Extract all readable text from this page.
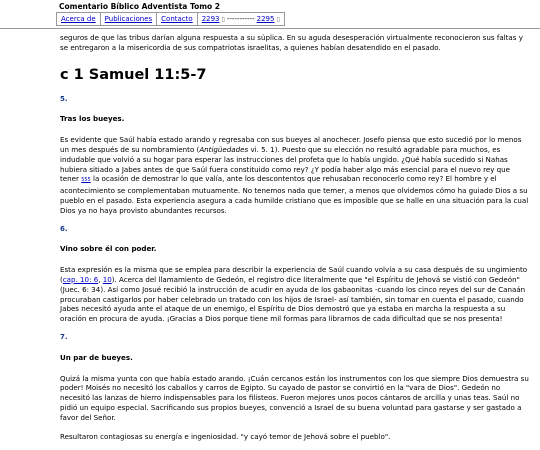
Comentario Bíblico Adventista Tomo 2
Acerca de	Publicaciones	Contacto	2293 ▯ ----------- 2295 ▯

seguros de que las tribus darían alguna respuesta a su súplica. En su aguda desesperación virtualmente reconocieron sus faltas y se entregaron a la misericordia de sus compatriotas israelitas, a quienes habían desatendido en el pasado.

c 1 Samuel 11:5-7
5.
Tras los bueyes.

Es evidente que Saúl había estado arando y regresaba con sus bueyes al anochecer. Josefo piensa que esto sucedió por lo menos un mes después de su nombramiento (Antigüedades vi. 5. 1). Puesto que su elección no resultó agradable para muchos, es indudable que volvió a su hogar para esperar las instrucciones del profeta que lo había ungido. ¿Qué había sucedido si Nahas hubiera sitiado a Jabes antes de que Saúl fuera constituido como rey? ¿Y podía haber algo más esencial para el nuevo rey que tener 555 la ocasión de demostrar lo que valía, ante los descontentos que rehusaban reconocerlo como rey? El hombre y el acontecimiento se complementaban mutuamente. No tenemos nada que temer, a menos que olvidemos cómo ha guiado Dios a su pueblo en el pasado. Esta experiencia asegura a cada humilde cristiano que es imposible que se halle en una situación para la cual Dios ya no haya provisto abundantes recursos.

6.
Vino sobre él con poder.

Esta expresión es la misma que se emplea para describir la experiencia de Saúl cuando volvía a su casa después de su ungimiento (cap. 10: 6, 10). Acerca del llamamiento de Gedeón, el registro dice literalmente que "el Espíritu de Jehová se vistió con Gedeón" (Juec. 6: 34). Así como Josué recibió la instrucción de acudir en ayuda de los gabaonitas -cuando los cinco reyes del sur de Canaán procuraban castigarlos por haber celebrado un tratado con los hijos de Israel- así también, sin tomar en cuenta el pasado, cuando Jabes necesitó ayuda ante el ataque de un enemigo, el Espíritu de Dios demostró que ya estaba en marcha la respuesta a su oración en procura de ayuda. ¡Gracias a Dios porque tiene mil formas para librarnos de cada dificultad que se nos presenta!

7.
Un par de bueyes.

Quizá la misma yunta con que había estado arando. ¡Cuán cercanos están los instrumentos con los que siempre Dios demuestra su poder! Moisés no necesitó los caballos y carros de Egipto. Su cayado de pastor se convirtió en la "vara de Dios". Gedeón no necesitó las lanzas de hierro indispensables para los filisteos. Fueron mejores unos pocos cántaros de arcilla y unas teas. Saúl no pidió un equipo especial. Sacrificando sus propios bueyes, convenció a Israel de su buena voluntad para gastarse y ser gastado a favor del Señor.

Resultaron contagiosas su energía e ingeniosidad. "y cayó temor de Jehová sobre el pueblo".
